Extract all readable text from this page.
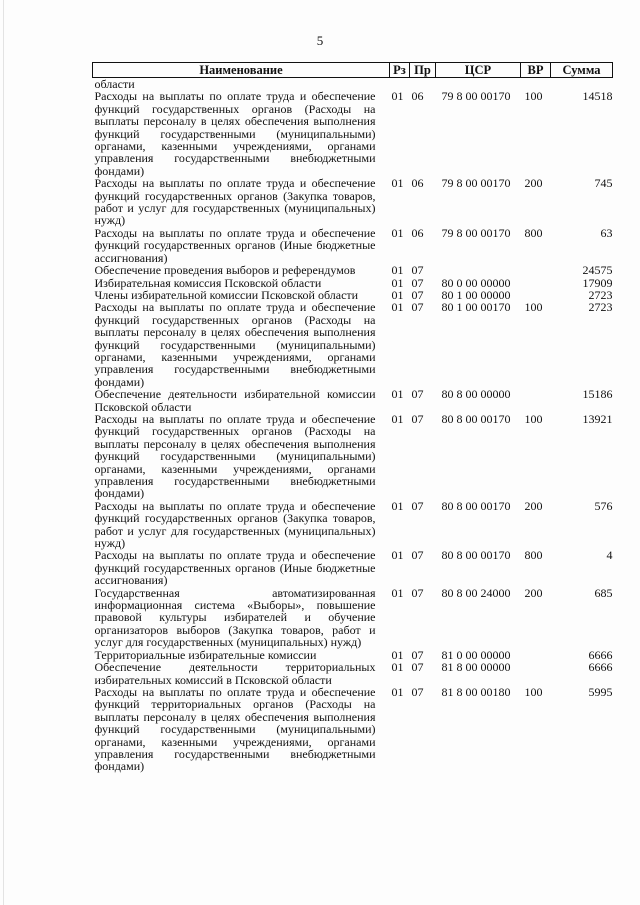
5
Наименование	Рз	Пр	ЦСР	ВР	Сумма
области					
Расходы на выплаты по оплате труда и обеспечение функций государственных органов (Расходы на выплаты персоналу в целях обеспечения выполнения функций государственными (муниципальными) органами, казенными учреждениями, органами управления государственными внебюджетными фондами)	01	06	79 8 00 00170	100	14518
Расходы на выплаты по оплате труда и обеспечение функций государственных органов (Закупка товаров, работ и услуг для государственных (муниципальных) нужд)	01	06	79 8 00 00170	200	745
Расходы на выплаты по оплате труда и обеспечение функций государственных органов (Иные бюджетные ассигнования)	01	06	79 8 00 00170	800	63
Обеспечение проведения выборов и референдумов	01	07			24575
Избирательная комиссия Псковской области	01	07	80 0 00 00000		17909
Члены избирательной комиссии Псковской области	01	07	80 1 00 00000		2723
Расходы на выплаты по оплате труда и обеспечение функций государственных органов (Расходы на выплаты персоналу в целях обеспечения выполнения функций государственными (муниципальными) органами, казенными учреждениями, органами управления государственными внебюджетными фондами)	01	07	80 1 00 00170	100	2723
Обеспечение деятельности избирательной комиссии Псковской области	01	07	80 8 00 00000		15186
Расходы на выплаты по оплате труда и обеспечение функций государственных органов (Расходы на выплаты персоналу в целях обеспечения выполнения функций государственными (муниципальными) органами, казенными учреждениями, органами управления государственными внебюджетными фондами)	01	07	80 8 00 00170	100	13921
Расходы на выплаты по оплате труда и обеспечение функций государственных органов (Закупка товаров, работ и услуг для государственных (муниципальных) нужд)	01	07	80 8 00 00170	200	576
Расходы на выплаты по оплате труда и обеспечение функций государственных органов (Иные бюджетные ассигнования)	01	07	80 8 00 00170	800	4
Государственная автоматизированная информационная система «Выборы», повышение правовой культуры избирателей и обучение организаторов выборов (Закупка товаров, работ и услуг для государственных (муниципальных) нужд)	01	07	80 8 00 24000	200	685
Территориальные избирательные комиссии	01	07	81 0 00 00000		6666
Обеспечение деятельности территориальных избирательных комиссий в Псковской области	01	07	81 8 00 00000		6666
Расходы на выплаты по оплате труда и обеспечение функций территориальных органов (Расходы на выплаты персоналу в целях обеспечения выполнения функций государственными (муниципальными) органами, казенными учреждениями, органами управления государственными внебюджетными фондами)	01	07	81 8 00 00180	100	5995
